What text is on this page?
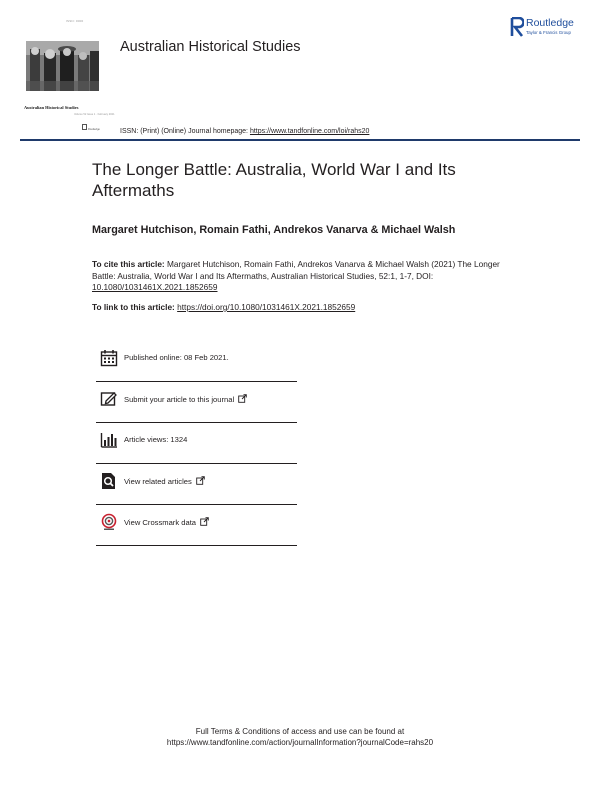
ISSN: 0000
Australian Historical Studies
Volume 52 Issue 1 · February 2021
Routledge
Australian Historical Studies
Routledge
Taylor & Francis Group
ISSN: (Print) (Online) Journal homepage: https://www.tandfonline.com/loi/rahs20
The Longer Battle: Australia, World War I and Its Aftermaths
Margaret Hutchison, Romain Fathi, Andrekos Vanarva & Michael Walsh
To cite this article: Margaret Hutchison, Romain Fathi, Andrekos Vanarva & Michael Walsh (2021) The Longer Battle: Australia, World War I and Its Aftermaths, Australian Historical Studies, 52:1, 1-7, DOI: 10.1080/1031461X.2021.1852659
To link to this article: https://doi.org/10.1080/1031461X.2021.1852659
Published online: 08 Feb 2021.
Submit your article to this journal
Article views: 1324
View related articles
View Crossmark data
Full Terms & Conditions of access and use can be found at
https://www.tandfonline.com/action/journalInformation?journalCode=rahs20
